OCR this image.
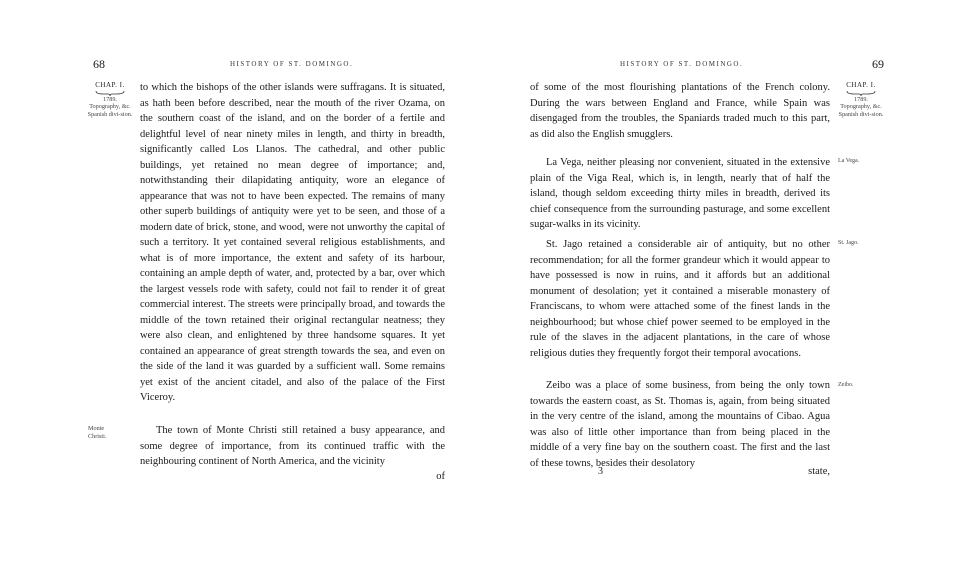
68	HISTORY OF ST. DOMINGO.
CHAP. I.
1789.
Topography, &c.
Spanish divi-sion.

to which the bishops of the other islands were suffragans. It is situated, as hath been before described, near the mouth of the river Ozama, on the southern coast of the island, and on the border of a fertile and delightful level of near ninety miles in length, and thirty in breadth, significantly called Los Llanos. The cathedral, and other public buildings, yet retained no mean degree of importance; and, notwithstanding their dilapidating antiquity, wore an elegance of appearance that was not to have been expected. The remains of many other superb buildings of antiquity were yet to be seen, and those of a modern date of brick, stone, and wood, were not unworthy the capital of such a territory. It yet contained several religious establishments, and what is of more importance, the extent and safety of its harbour, containing an ample depth of water, and, protected by a bar, over which the largest vessels rode with safety, could not fail to render it of great commercial interest. The streets were principally broad, and towards the middle of the town retained their original rectangular neatness; they were also clean, and enlightened by three handsome squares. It yet contained an appearance of great strength towards the sea, and even on the side of the land it was guarded by a sufficient wall. Some remains yet exist of the ancient citadel, and also of the palace of the First Viceroy.

Monte Christi.	The town of Monte Christi still retained a busy appearance, and some degree of importance, from its continued traffic with the neighbouring continent of North America, and the vicinity

of
69
HISTORY OF ST. DOMINGO.

of some of the most flourishing plantations of the French colony. During the wars between England and France, while Spain was disengaged from the troubles, the Spaniards traded much to this part, as did also the English smugglers.

CHAP. I.
1789.
Topography, &c.
Spanish divi-sion.

La Vega, neither pleasing nor convenient, situated in the extensive plain of the Viga Real, which is, in length, nearly that of half the island, though seldom exceeding thirty miles in breadth, derived its chief consequence from the surrounding pasturage, and some excellent sugar-walks in its vicinity.

La Vega.

St. Jago retained a considerable air of antiquity, but no other recommendation; for all the former grandeur which it would appear to have possessed is now in ruins, and it affords but an additional monument of desolation; yet it contained a miserable monastery of Franciscans, to whom were attached some of the finest lands in the neighbourhood; but whose chief power seemed to be employed in the rule of the slaves in the adjacent plantations, in the care of whose religious duties they frequently forgot their temporal avocations.

St. Jago.

Zeibo was a place of some business, from being the only town towards the eastern coast, as St. Thomas is, again, from being situated in the very centre of the island, among the mountains of Cibao. Agua was also of little other importance than from being placed in the middle of a very fine bay on the southern coast. The first and the last of these towns, besides their desolatory

Zeibo.
3	state,
